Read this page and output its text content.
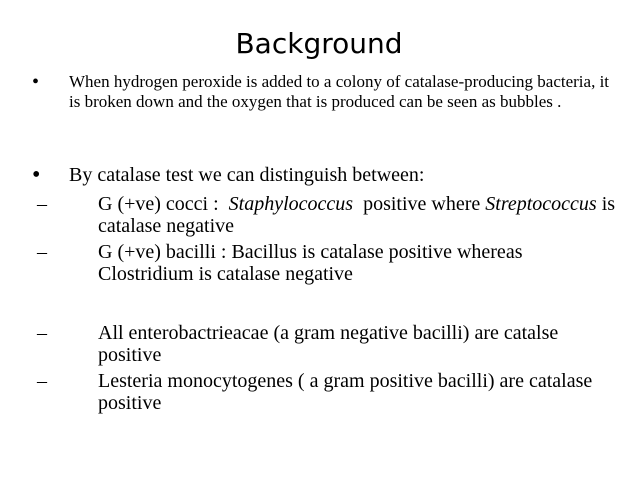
Background
• When hydrogen peroxide is added to a colony of catalase-producing bacteria, it is broken down and the oxygen that is produced can be seen as bubbles .
• By catalase test we can distinguish between:
–	G (+ve) cocci : Staphylococcus positive where Streptococcus is catalase negative
–	G (+ve) bacilli : Bacillus is catalase positive whereas Clostridium is catalase negative
–	All enterobactrieacae (a gram negative bacilli) are catalse positive
–	Lesteria monocytogenes ( a gram positive bacilli) are catalase positive
